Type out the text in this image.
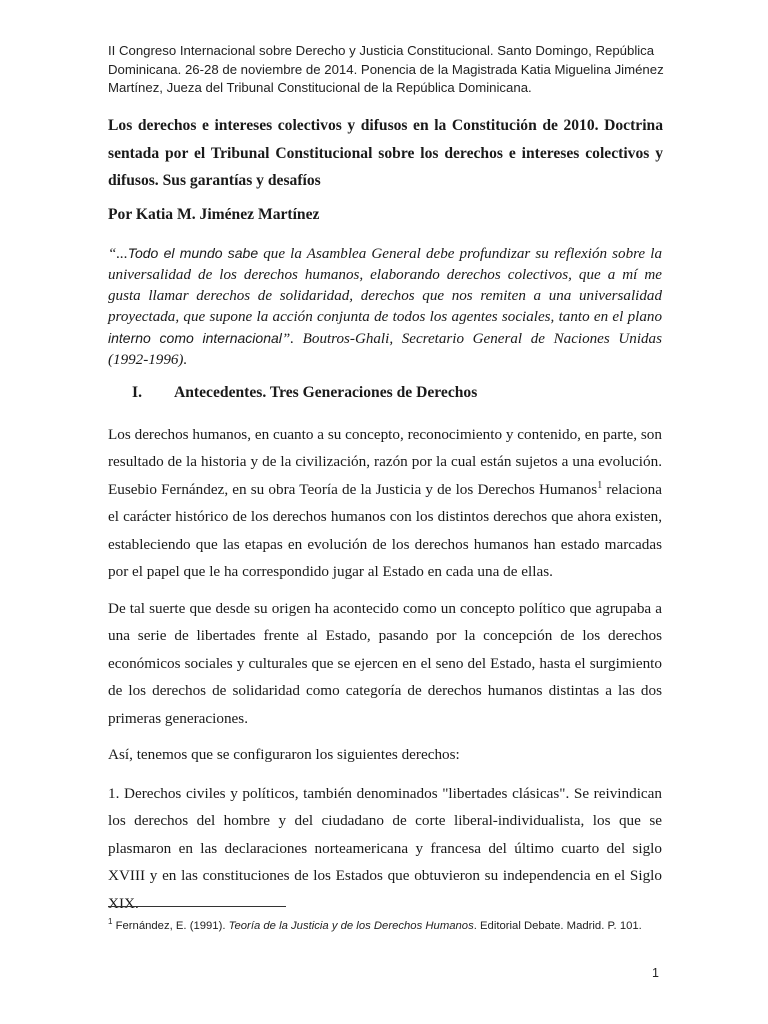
II Congreso Internacional sobre Derecho y Justicia Constitucional. Santo Domingo, República Dominicana. 26-28 de noviembre de 2014. Ponencia de la Magistrada Katia Miguelina Jiménez Martínez, Jueza del Tribunal Constitucional de la República Dominicana.
Los derechos e intereses colectivos y difusos en la Constitución de 2010. Doctrina sentada por el Tribunal Constitucional sobre los derechos e intereses colectivos y difusos. Sus garantías y desafíos
Por Katia M. Jiménez Martínez
“...Todo el mundo sabe que la Asamblea General debe profundizar su reflexión sobre la universalidad de los derechos humanos, elaborando derechos colectivos, que a mí me gusta llamar derechos de solidaridad, derechos que nos remiten a una universalidad proyectada, que supone la acción conjunta de todos los agentes sociales, tanto en el plano interno como internacional”. Boutros-Ghali, Secretario General de Naciones Unidas (1992-1996).
I. Antecedentes. Tres Generaciones de Derechos
Los derechos humanos, en cuanto a su concepto, reconocimiento y contenido, en parte, son resultado de la historia y de la civilización, razón por la cual están sujetos a una evolución. Eusebio Fernández, en su obra Teoría de la Justicia y de los Derechos Humanos$^1$ relaciona el carácter histórico de los derechos humanos con los distintos derechos que ahora existen, estableciendo que las etapas en evolución de los derechos humanos han estado marcadas por el papel que le ha correspondido jugar al Estado en cada una de ellas.
De tal suerte que desde su origen ha acontecido como un concepto político que agrupaba a una serie de libertades frente al Estado, pasando por la concepción de los derechos económicos sociales y culturales que se ejercen en el seno del Estado, hasta el surgimiento de los derechos de solidaridad como categoría de derechos humanos distintas a las dos primeras generaciones.
Así, tenemos que se configuraron los siguientes derechos:
1. Derechos civiles y políticos, también denominados "libertades clásicas". Se reivindican los derechos del hombre y del ciudadano de corte liberal-individualista, los que se plasmaron en las declaraciones norteamericana y francesa del último cuarto del siglo XVIII y en las constituciones de los Estados que obtuvieron su independencia en el Siglo XIX.
$^1$ Fernández, E. (1991). Teoría de la Justicia y de los Derechos Humanos. Editorial Debate. Madrid. P. 101.
1
